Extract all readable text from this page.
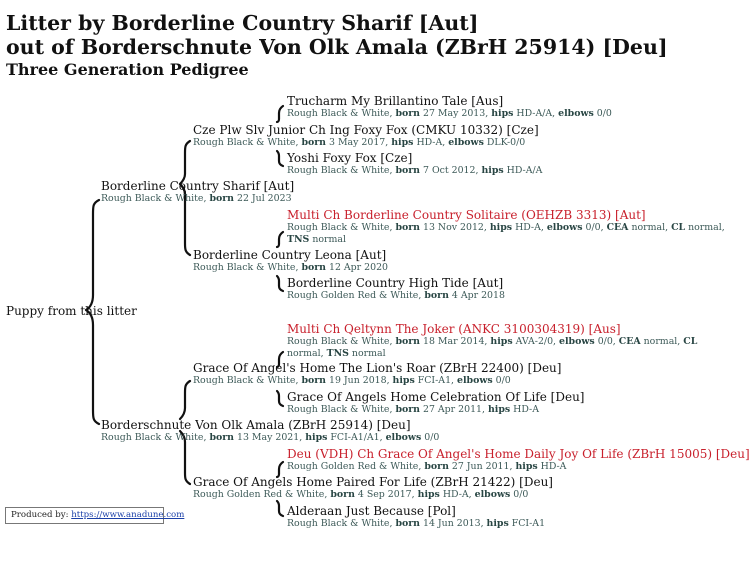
Litter by Borderline Country Sharif [Aut]
out of Borderschnute Von Olk Amala (ZBrH 25914) [Deu]
Three Generation Pedigree
Puppy from this litter
Borderline Country Sharif [Aut]
Rough Black & White, born 22 Jul 2023
Cze Plw Slv Junior Ch Ing Foxy Fox (CMKU 10332) [Cze]
Rough Black & White, born 3 May 2017, hips HD-A, elbows DLK-0/0
Trucharm My Brillantino Tale [Aus]
Rough Black & White, born 27 May 2013, hips HD-A/A, elbows 0/0
Yoshi Foxy Fox [Cze]
Rough Black & White, born 7 Oct 2012, hips HD-A/A
Borderline Country Leona [Aut]
Rough Black & White, born 12 Apr 2020
Multi Ch Borderline Country Solitaire (OEHZB 3313) [Aut]
Rough Black & White, born 13 Nov 2012, hips HD-A, elbows 0/0, CEA normal, CL normal,
TNS normal
Borderline Country High Tide [Aut]
Rough Golden Red & White, born 4 Apr 2018
Borderschnute Von Olk Amala (ZBrH 25914) [Deu]
Rough Black & White, born 13 May 2021, hips FCI-A1/A1, elbows 0/0
Grace Of Angel's Home The Lion's Roar (ZBrH 22400) [Deu]
Rough Black & White, born 19 Jun 2018, hips FCI-A1, elbows 0/0
Multi Ch Qeltynn The Joker (ANKC 3100304319) [Aus]
Rough Black & White, born 18 Mar 2014, hips AVA-2/0, elbows 0/0, CEA normal, CL
normal, TNS normal
Grace Of Angels Home Celebration Of Life [Deu]
Rough Black & White, born 27 Apr 2011, hips HD-A
Grace Of Angels Home Paired For Life (ZBrH 21422) [Deu]
Rough Golden Red & White, born 4 Sep 2017, hips HD-A, elbows 0/0
Deu (VDH) Ch Grace Of Angel's Home Daily Joy Of Life (ZBrH 15005) [Deu]
Rough Golden Red & White, born 27 Jun 2011, hips HD-A
Alderaan Just Because [Pol]
Rough Black & White, born 14 Jun 2013, hips FCI-A1
Produced by: https://www.anadune.com
